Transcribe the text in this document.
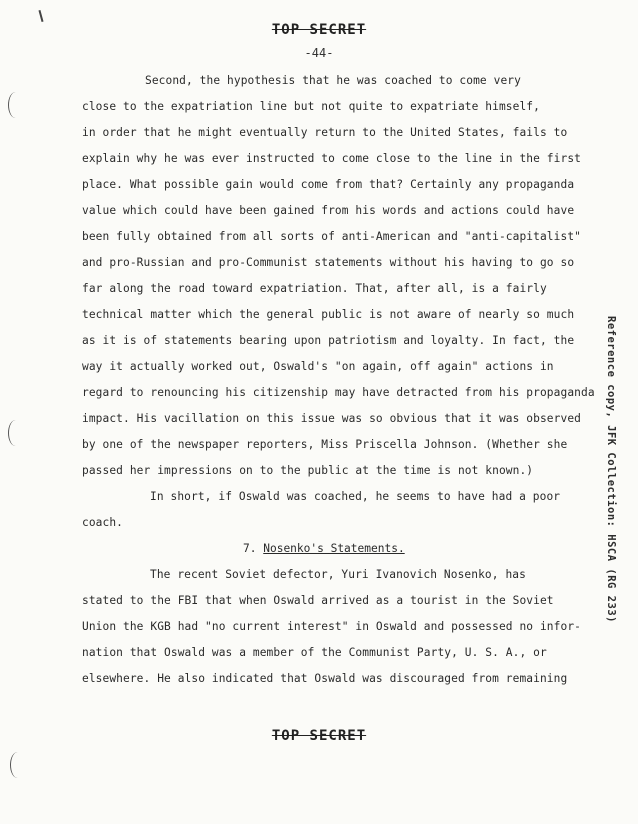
TOP SECRET
-44-
Second, the hypothesis that he was coached to come very
close to the expatriation line but not quite to expatriate himself,
in order that he might eventually return to the United States, fails to
explain why he was ever instructed to come close to the line in the first
place. What possible gain would come from that? Certainly any propaganda
value which could have been gained from his words and actions could have
been fully obtained from all sorts of anti-American and "anti-capitalist"
and pro-Russian and pro-Communist statements without his having to go so
far along the road toward expatriation. That, after all, is a fairly
technical matter which the general public is not aware of nearly so much
as it is of statements bearing upon patriotism and loyalty. In fact, the
way it actually worked out, Oswald's "on again, off again" actions in
regard to renouncing his citizenship may have detracted from his propaganda
impact. His vacillation on this issue was so obvious that it was observed
by one of the newspaper reporters, Miss Priscella Johnson. (Whether she
passed her impressions on to the public at the time is not known.)
In short, if Oswald was coached, he seems to have had a poor
coach.
7. Nosenko's Statements.
The recent Soviet defector, Yuri Ivanovich Nosenko, has
stated to the FBI that when Oswald arrived as a tourist in the Soviet
Union the KGB had "no current interest" in Oswald and possessed no infor-
nation that Oswald was a member of the Communist Party, U. S. A., or
elsewhere. He also indicated that Oswald was discouraged from remaining
TOP SECRET
Reference copy, JFK Collection: HSCA (RG 233)
